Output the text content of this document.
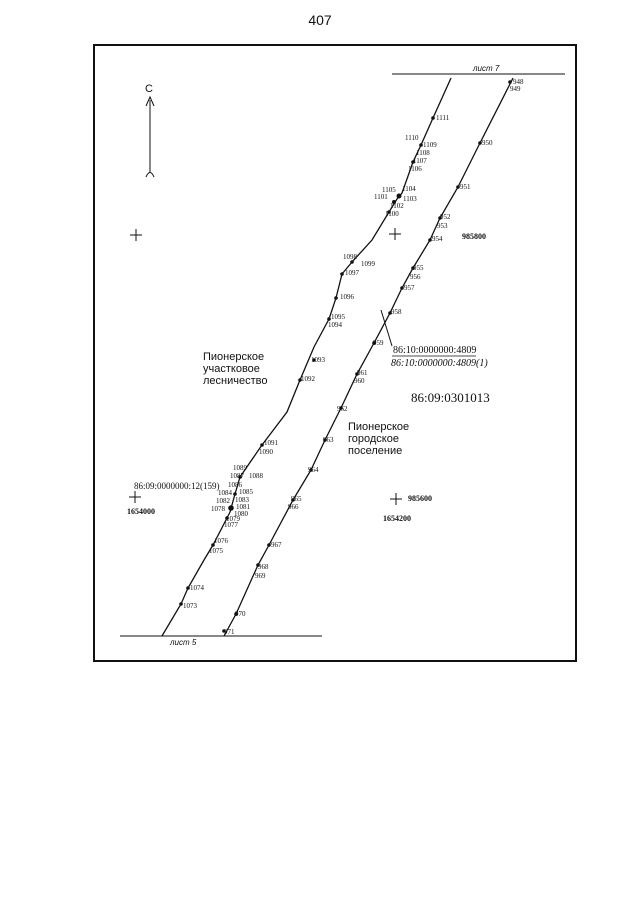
407
С
лист 7
лист 5
Пионерское участковое лесничество
Пионерское городское поселение
86:10:0000000:4809
86:10:0000000:4809(1)
86:09:0301013
86:09:0000000:12(159)
985800
985600
1654000
1654200
1111
1110
1109
1108
1107
1106
1105 1104
1101 1103
1102
1100
1098
1099
1097
1096
1095
1094
1093
1092
1091
1090
1089
1087 1088
1086
1084 1085
1082 1083
1078 1081
1080
1079
1077
1076
1075
1074
1073
948
949
950
951
952
953
954
955
956
957
958
959
961
960
962
963
964
965
966
967
968
969
970
971
